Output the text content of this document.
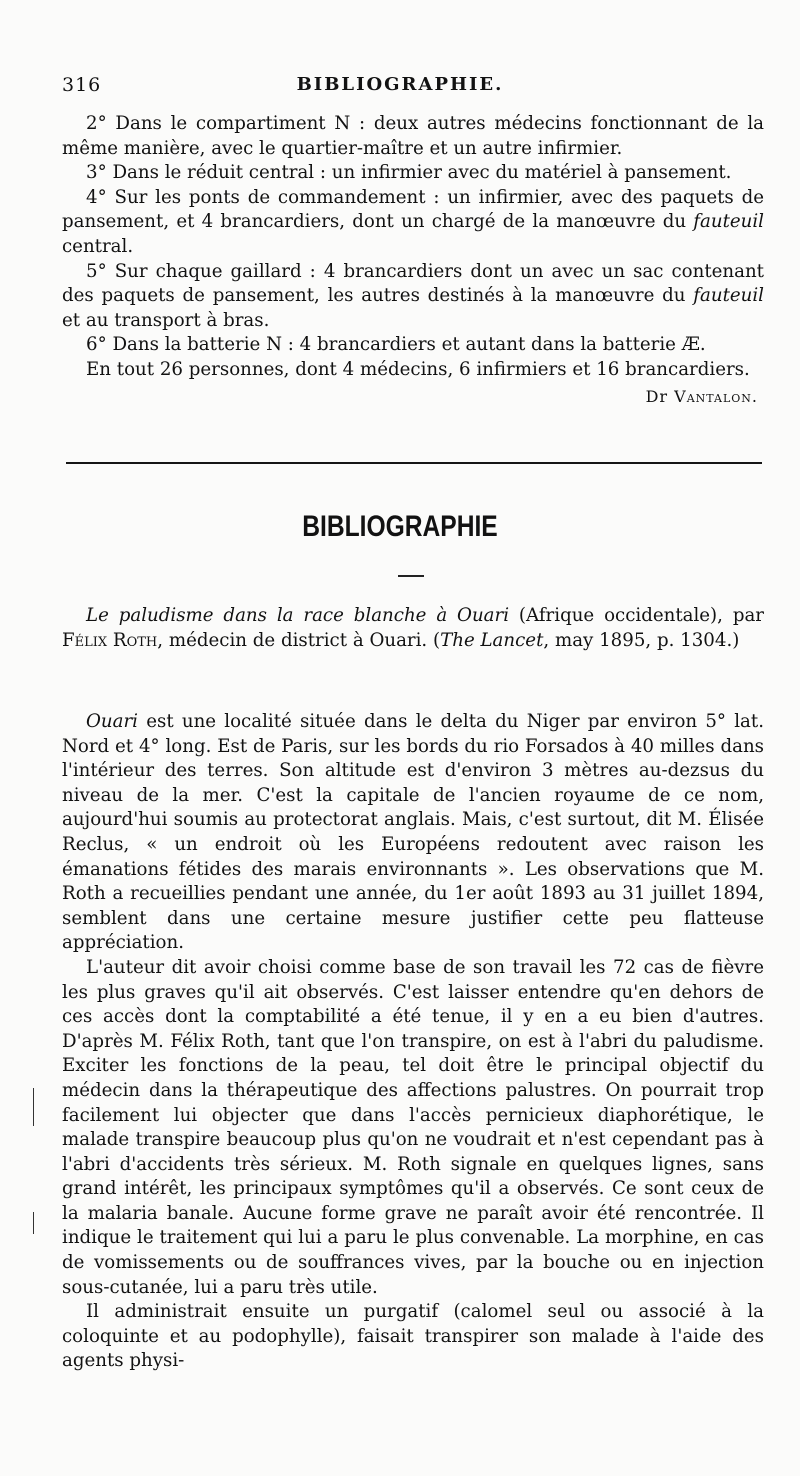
316	BIBLIOGRAPHIE.

2° Dans le compartiment N : deux autres médecins fonctionnant de la même manière, avec le quartier-maître et un autre infirmier.

3° Dans le réduit central : un infirmier avec du matériel à pansement.

4° Sur les ponts de commandement : un infirmier, avec des paquets de pansement, et 4 brancardiers, dont un chargé de la manœuvre du fauteuil central.

5° Sur chaque gaillard : 4 brancardiers dont un avec un sac contenant des paquets de pansement, les autres destinés à la manœuvre du fauteuil et au transport à bras.

6° Dans la batterie N : 4 brancardiers et autant dans la batterie Æ.

En tout 26 personnes, dont 4 médecins, 6 infirmiers et 16 brancardiers.

Dr Vantalon.
BIBLIOGRAPHIE

Le paludisme dans la race blanche à Ouari (Afrique occidentale), par Félix Roth, médecin de district à Ouari. (The Lancet, may 1895, p. 1304.)

Ouari est une localité située dans le delta du Niger par environ 5° lat. Nord et 4° long. Est de Paris, sur les bords du rio Forsados à 40 milles dans l'intérieur des terres. Son altitude est d'environ 3 mètres au-dezsus du niveau de la mer. C'est la capitale de l'ancien royaume de ce nom, aujourd'hui soumis au protectorat anglais. Mais, c'est surtout, dit M. Élisée Reclus, « un endroit où les Européens redoutent avec raison les émanations fétides des marais environnants ». Les observations que M. Roth a recueillies pendant une année, du 1er août 1893 au 31 juillet 1894, semblent dans une certaine mesure justifier cette peu flatteuse appréciation.

L'auteur dit avoir choisi comme base de son travail les 72 cas de fièvre les plus graves qu'il ait observés. C'est laisser entendre qu'en dehors de ces accès dont la comptabilité a été tenue, il y en a eu bien d'autres. D'après M. Félix Roth, tant que l'on transpire, on est à l'abri du paludisme. Exciter les fonctions de la peau, tel doit être le principal objectif du médecin dans la thérapeutique des affections palustres. On pourrait trop facilement lui objecter que dans l'accès pernicieux diaphorétique, le malade transpire beaucoup plus qu'on ne voudrait et n'est cependant pas à l'abri d'accidents très sérieux. M. Roth signale en quelques lignes, sans grand intérêt, les principaux symptômes qu'il a observés. Ce sont ceux de la malaria banale. Aucune forme grave ne paraît avoir été rencontrée. Il indique le traitement qui lui a paru le plus convenable. La morphine, en cas de vomissements ou de souffrances vives, par la bouche ou en injection sous-cutanée, lui a paru très utile.

Il administrait ensuite un purgatif (calomel seul ou associé à la coloquinte et au podophylle), faisait transpirer son malade à l'aide des agents physi-
